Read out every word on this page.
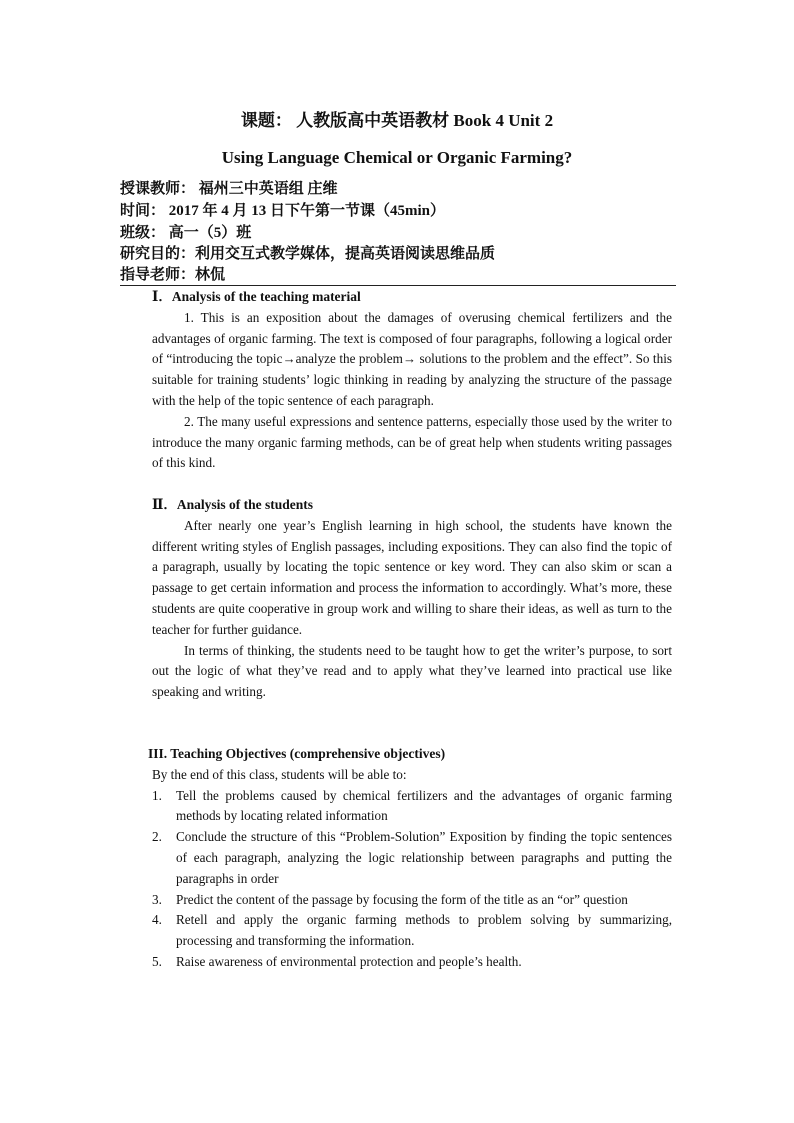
课题： 人教版高中英语教材 Book 4 Unit 2
Using Language Chemical or Organic Farming?
授课教师： 福州三中英语组 庄维
时间： 2017 年 4 月 13 日下午第一节课（45min）
班级： 高一（5）班
研究目的：利用交互式教学媒体，提高英语阅读思维品质
指导老师：林侃
Ⅰ．Analysis of the teaching material

1. This is an exposition about the damages of overusing chemical fertilizers and the advantages of organic farming. The text is composed of four paragraphs, following a logical order of “introducing the topic→analyze the problem→ solutions to the problem and the effect”. So this suitable for training students’ logic thinking in reading by analyzing the structure of the passage with the help of the topic sentence of each paragraph.

2. The many useful expressions and sentence patterns, especially those used by the writer to introduce the many organic farming methods, can be of great help when students writing passages of this kind.

Ⅱ．Analysis of the students

After nearly one year’s English learning in high school, the students have known the different writing styles of English passages, including expositions. They can also find the topic of a paragraph, usually by locating the topic sentence or key word. They can also skim or scan a passage to get certain information and process the information to accordingly. What’s more, these students are quite cooperative in group work and willing to share their ideas, as well as turn to the teacher for further guidance.

In terms of thinking, the students need to be taught how to get the writer’s purpose, to sort out the logic of what they’ve read and to apply what they’ve learned into practical use like speaking and writing.

III. Teaching Objectives (comprehensive objectives)
By the end of this class, students will be able to:
1. Tell the problems caused by chemical fertilizers and the advantages of organic farming methods by locating related information
2. Conclude the structure of this “Problem-Solution” Exposition by finding the topic sentences of each paragraph, analyzing the logic relationship between paragraphs and putting the paragraphs in order
3. Predict the content of the passage by focusing the form of the title as an “or” question
4. Retell and apply the organic farming methods to problem solving by summarizing, processing and transforming the information.
5. Raise awareness of environmental protection and people’s health.
